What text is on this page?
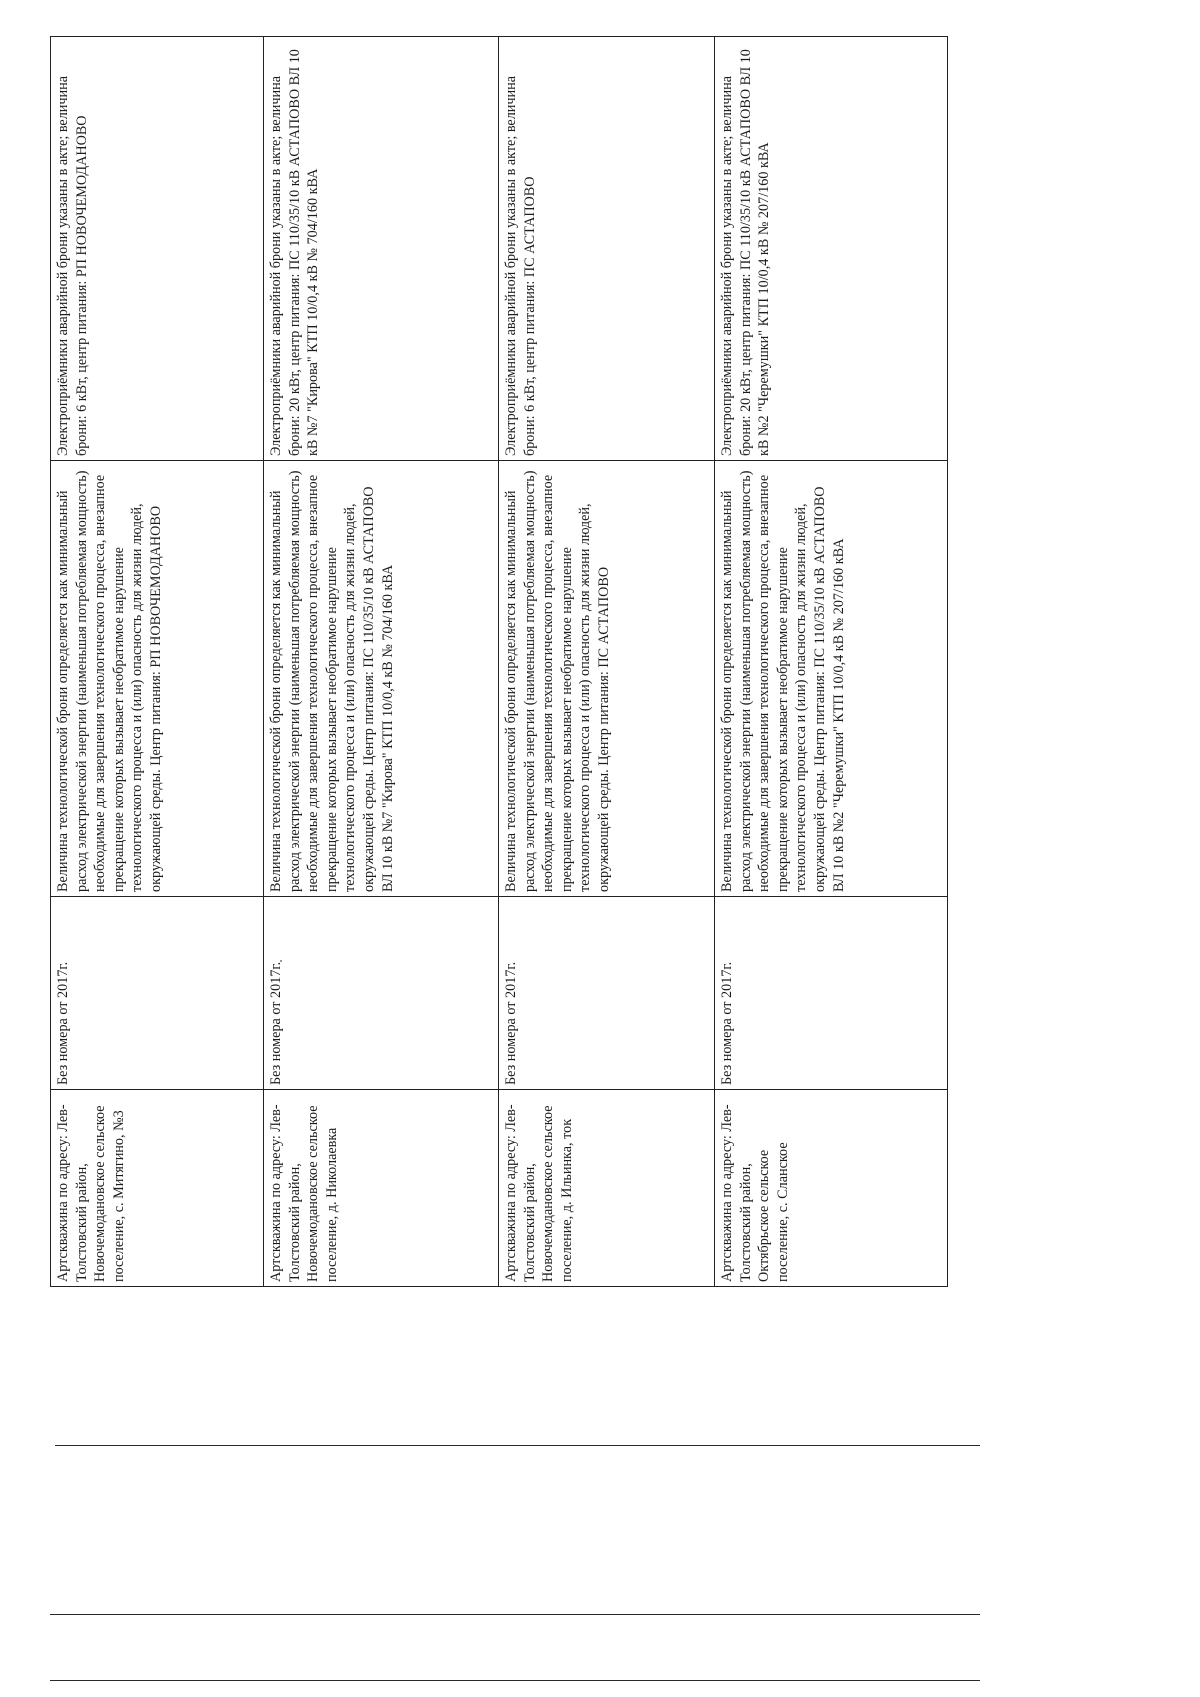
Артскважина по адресу: Лев-Толстовский район, Новочемодановское сельское поселение, с. Митягино, №3	Без номера от 2017г.	Величина технологической брони определяется как минимальный расход электрической энергии (наименьшая потребляемая мощность) необходимые для завершения технологического процесса, внезапное прекращение которых вызывает необратимое нарушение технологического процесса и (или) опасность для жизни людей, окружающей среды. Центр питания: РП НОВОЧЕМОДАНОВО	Электроприёмники аварийной брони указаны в акте; величина брони: 6 кВт, центр питания: РП НОВОЧЕМОДАНОВО
Артскважина по адресу: Лев-Толстовский район, Новочемодановское сельское поселение, д. Николаевка	Без номера от 2017г.	Величина технологической брони определяется как минимальный расход электрической энергии (наименьшая потребляемая мощность) необходимые для завершения технологического процесса, внезапное прекращение которых вызывает необратимое нарушение технологического процесса и (или) опасность для жизни людей, окружающей среды. Центр питания: ПС 110/35/10 кВ АСТАПОВО ВЛ 10 кВ №7 "Кирова" КТП 10/0,4 кВ № 704/160 кВА	Электроприёмники аварийной брони указаны в акте; величина брони: 20 кВт, центр питания: ПС 110/35/10 кВ АСТАПОВО ВЛ 10 кВ №7 "Кирова" КТП 10/0,4 кВ № 704/160 кВА
Артскважина по адресу: Лев-Толстовский район, Новочемодановское сельское поселение, д. Ильинка, ток	Без номера от 2017г.	Величина технологической брони определяется как минимальный расход электрической энергии (наименьшая потребляемая мощность) необходимые для завершения технологического процесса, внезапное прекращение которых вызывает необратимое нарушение технологического процесса и (или) опасность для жизни людей, окружающей среды. Центр питания: ПС АСТАПОВО	Электроприёмники аварийной брони указаны в акте; величина брони: 6 кВт, центр питания: ПС АСТАПОВО
Артскважина по адресу: Лев-Толстовский район, Октябрьское сельское поселение, с. Сланское	Без номера от 2017г.	Величина технологической брони определяется как минимальный расход электрической энергии (наименьшая потребляемая мощность) необходимые для завершения технологического процесса, внезапное прекращение которых вызывает необратимое нарушение технологического процесса и (или) опасность для жизни людей, окружающей среды. Центр питания: ПС 110/35/10 кВ АСТАПОВО ВЛ 10 кВ №2 "Черемушки" КТП 10/0,4 кВ № 207/160 кВА	Электроприёмники аварийной брони указаны в акте; величина брони: 20 кВт, центр питания: ПС 110/35/10 кВ АСТАПОВО ВЛ 10 кВ №2 "Черемушки" КТП 10/0,4 кВ № 207/160 кВА
